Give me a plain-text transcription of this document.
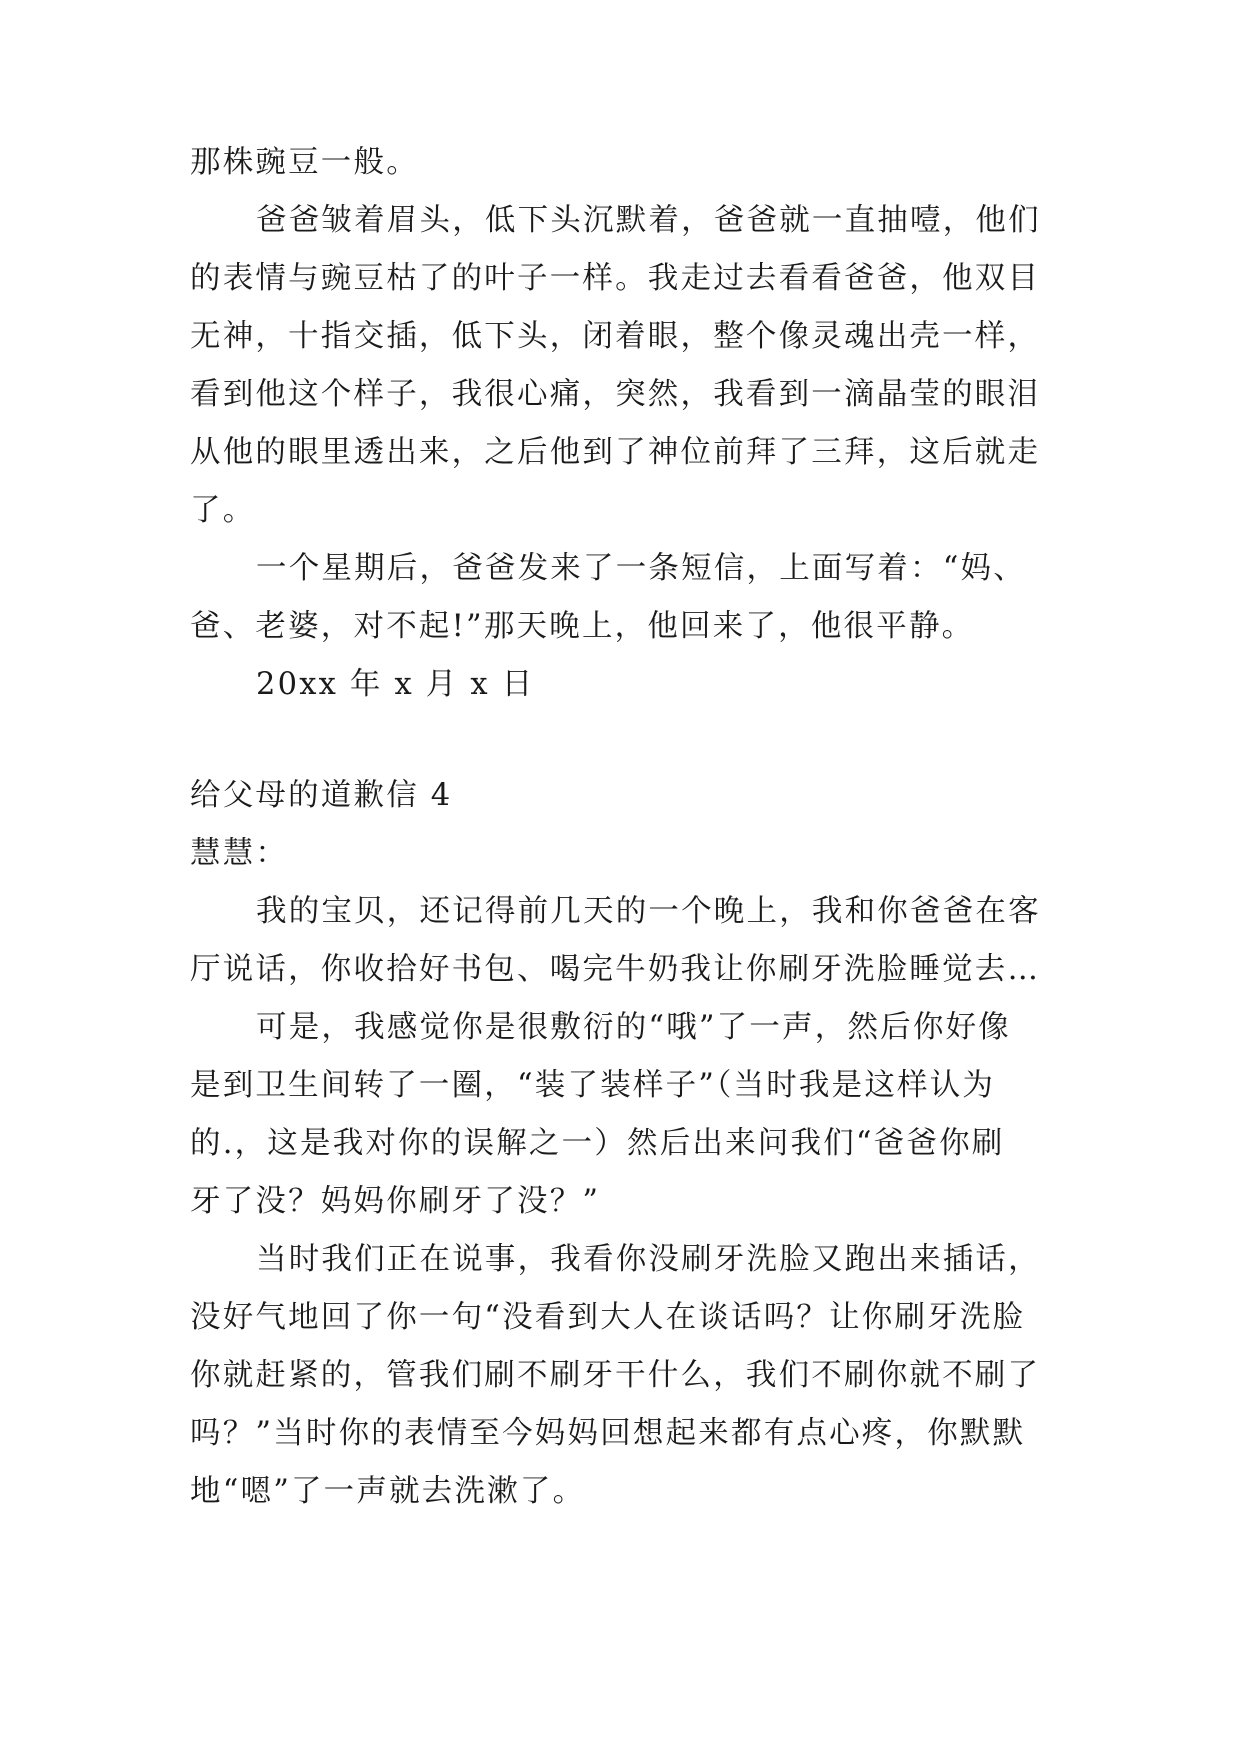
那株豌豆一般。
爸爸皱着眉头，低下头沉默着，爸爸就一直抽噎，他们
的表情与豌豆枯了的叶子一样。我走过去看看爸爸，他双目
无神，十指交插，低下头，闭着眼，整个像灵魂出壳一样，
看到他这个样子，我很心痛，突然，我看到一滴晶莹的眼泪
从他的眼里透出来，之后他到了神位前拜了三拜，这后就走
了。
一个星期后，爸爸发来了一条短信，上面写着：“妈、
爸、老婆，对不起!”那天晚上，他回来了，他很平静。
20xx 年 x 月 x 日
给父母的道歉信 4
慧慧：
我的宝贝，还记得前几天的一个晚上，我和你爸爸在客
厅说话，你收拾好书包、喝完牛奶我让你刷牙洗脸睡觉去…
可是，我感觉你是很敷衍的“哦”了一声，然后你好像
是到卫生间转了一圈，“装了装样子”（当时我是这样认为
的.，这是我对你的误解之一）然后出来问我们“爸爸你刷
牙了没？妈妈你刷牙了没？”
当时我们正在说事，我看你没刷牙洗脸又跑出来插话，
没好气地回了你一句“没看到大人在谈话吗？让你刷牙洗脸
你就赶紧的，管我们刷不刷牙干什么，我们不刷你就不刷了
吗？”当时你的表情至今妈妈回想起来都有点心疼，你默默
地“嗯”了一声就去洗漱了。
